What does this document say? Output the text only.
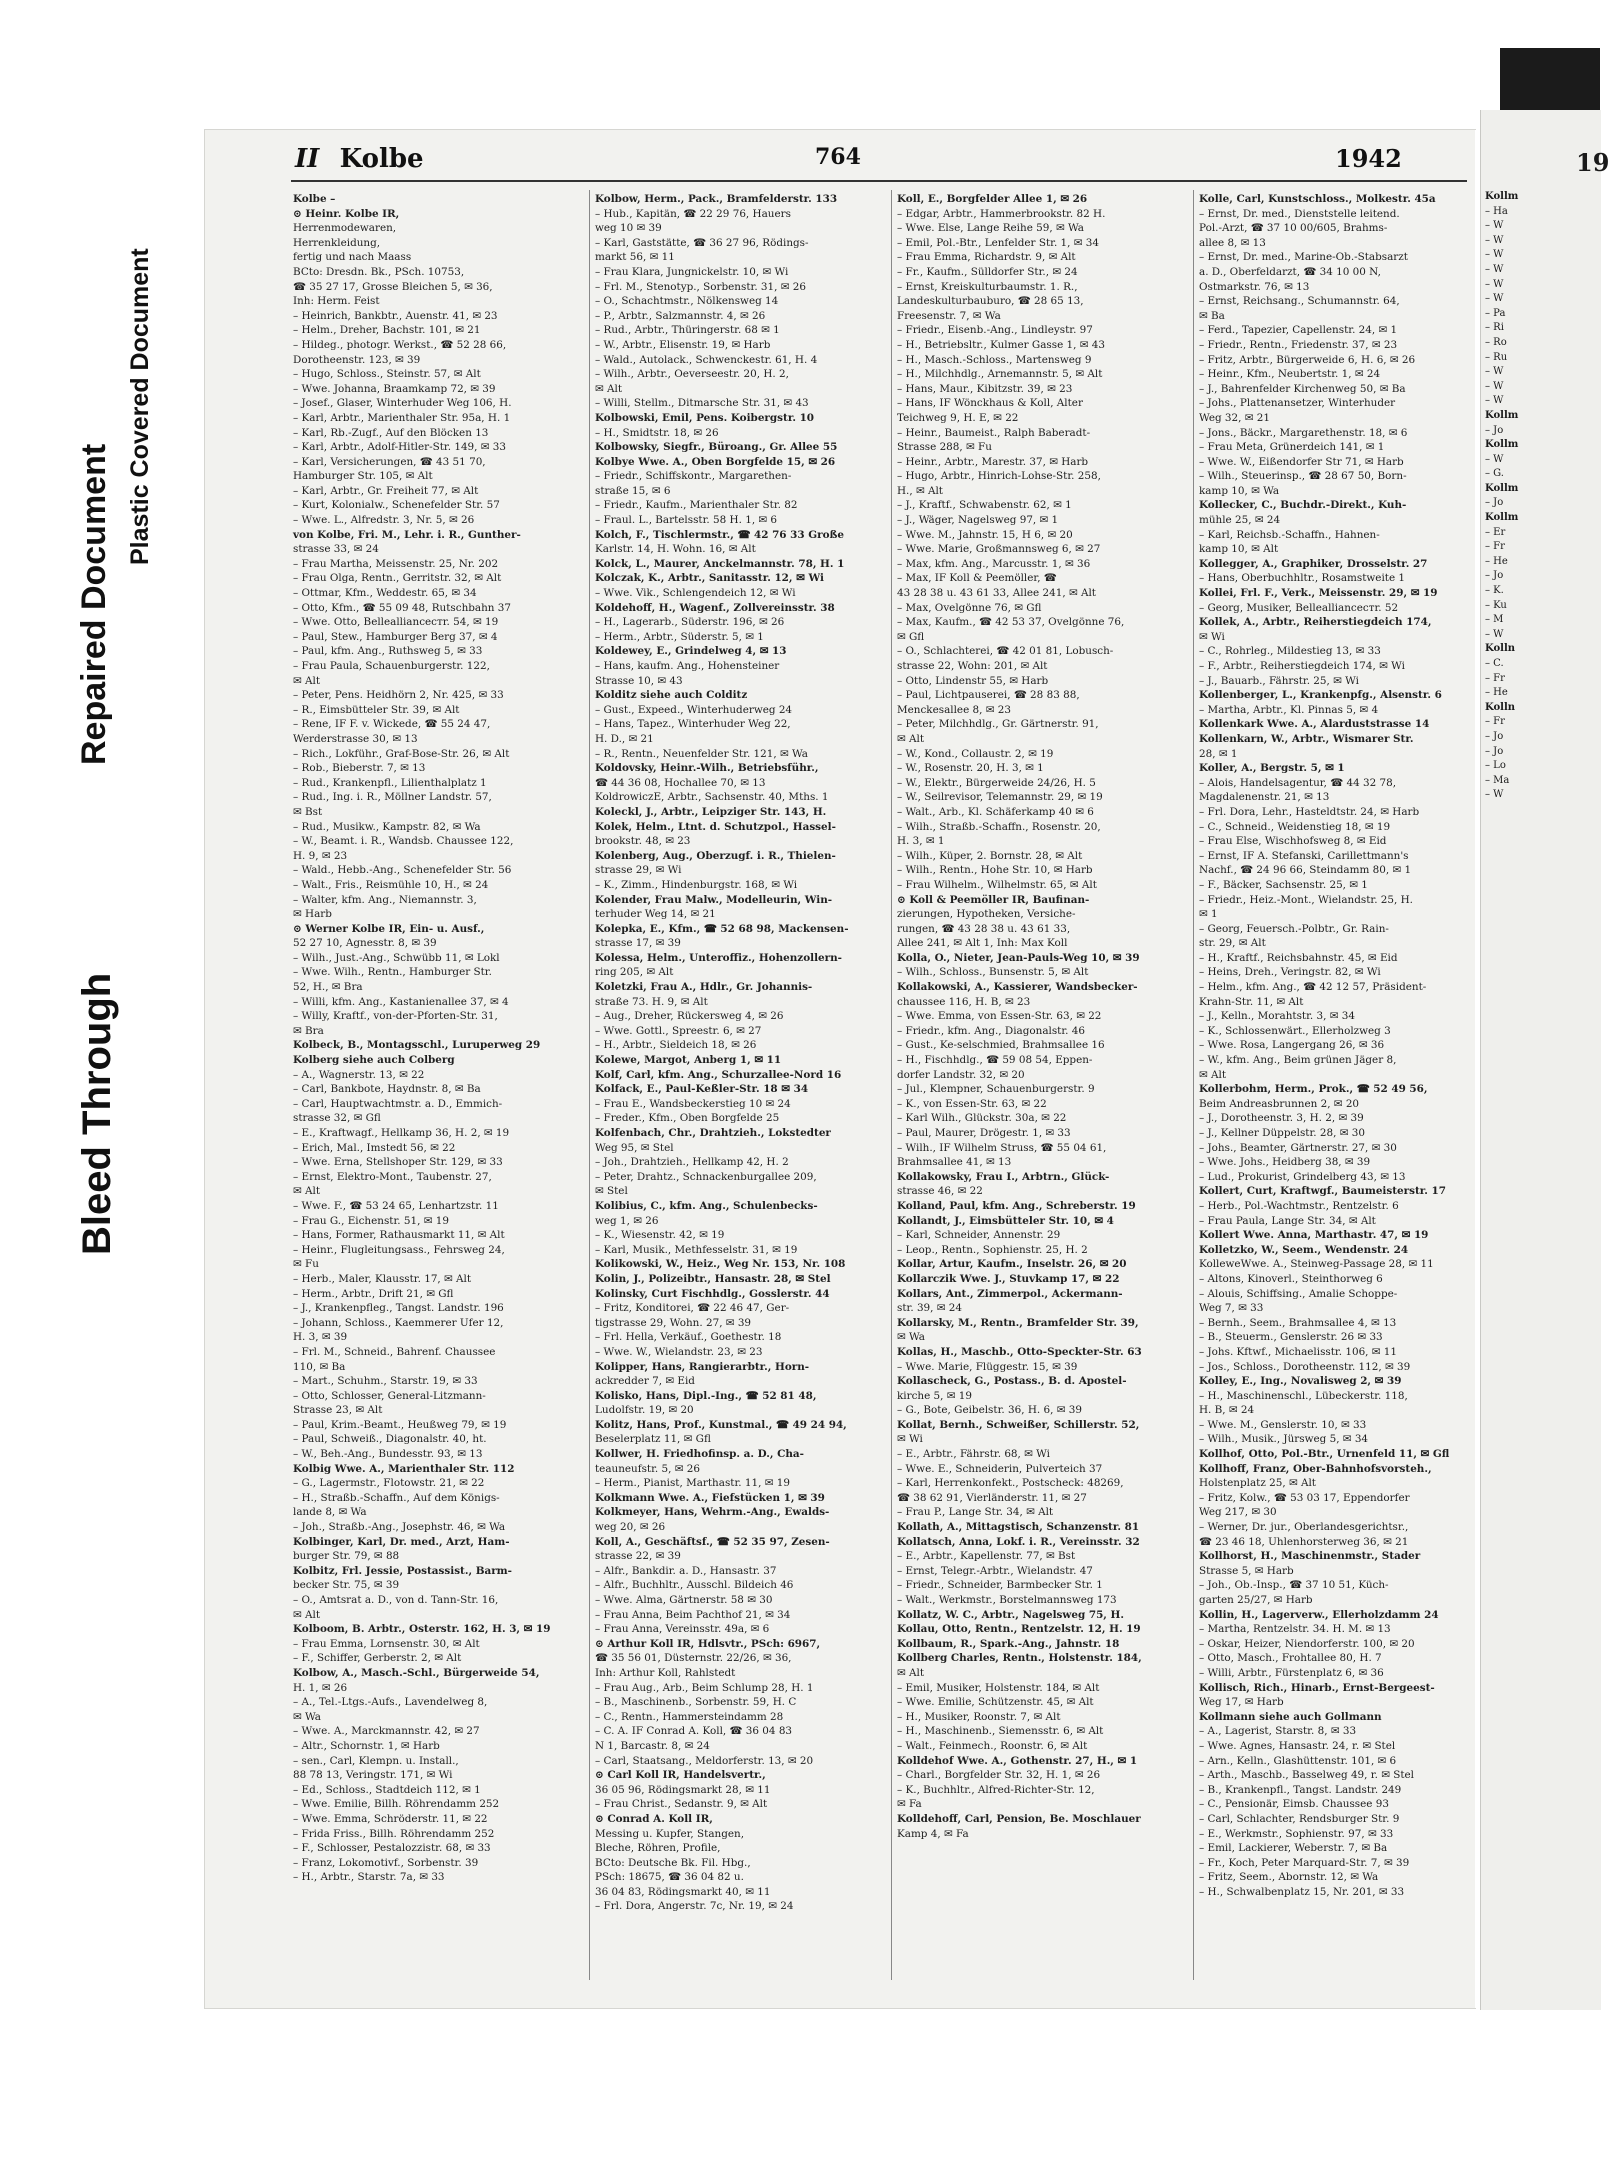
Plastic Covered Document
Repaired Document
Bleed Through
II Kolbe	764	1942
Kolbe –
⊙ Heinr. Kolbe IR,
Herrenmodewaren,
Herrenkleidung,
fertig und nach Maass
BCto: Dresdn. Bk., PSch. 10753,
☎ 35 27 17, Grosse Bleichen 5, ✉ 36,
Inh: Herm. Feist
– Heinrich, Bankbtr., Auenstr. 41, ✉ 23
– Helm., Dreher, Bachstr. 101, ✉ 21
– Hildeg., photogr. Werkst., ☎ 52 28 66,
Dorotheenstr. 123, ✉ 39
– Hugo, Schloss., Steinstr. 57, ✉ Alt
– Wwe. Johanna, Braamkamp 72, ✉ 39
– Josef., Glaser, Winterhuder Weg 106, H.
– Karl, Arbtr., Marienthaler Str. 95a, H. 1
– Karl, Rb.-Zugf., Auf den Blöcken 13
– Karl, Arbtr., Adolf-Hitler-Str. 149, ✉ 33
– Karl, Versicherungen, ☎ 43 51 70,
Hamburger Str. 105, ✉ Alt
– Karl, Arbtr., Gr. Freiheit 77, ✉ Alt
– Kurt, Kolonialw., Schenefelder Str. 57
– Wwe. L., Alfredstr. 3, Nr. 5, ✉ 26
von Kolbe, Fri. M., Lehr. i. R., Gunther-
strasse 33, ✉ 24
– Frau Martha, Meissenstr. 25, Nr. 202
– Frau Olga, Rentn., Gerritstr. 32, ✉ Alt
– Ottmar, Kfm., Weddestr. 65, ✉ 34
– Otto, Kfm., ☎ 55 09 48, Rutschbahn 37
– Wwe. Otto, Belleallianceстr. 54, ✉ 19
– Paul, Stew., Hamburger Berg 37, ✉ 4
– Paul, kfm. Ang., Ruthsweg 5, ✉ 33
– Frau Paula, Schauenburgerstr. 122,
✉ Alt
– Peter, Pens. Heidhörn 2, Nr. 425, ✉ 33
– R., Eimsbütteler Str. 39, ✉ Alt
– Rene, IF F. v. Wickede, ☎ 55 24 47,
Werderstrasse 30, ✉ 13
– Rich., Lokführ., Graf-Bose-Str. 26, ✉ Alt
– Rob., Bieberstr. 7, ✉ 13
– Rud., Krankenpfl., Lilienthalplatz 1
– Rud., Ing. i. R., Möllner Landstr. 57,
✉ Bst
– Rud., Musikw., Kampstr. 82, ✉ Wa
– W., Beamt. i. R., Wandsb. Chaussee 122,
H. 9, ✉ 23
– Wald., Hebb.-Ang., Schenefelder Str. 56
– Walt., Fris., Reismühle 10, H., ✉ 24
– Walter, kfm. Ang., Niemannstr. 3,
✉ Harb
⊙ Werner Kolbe IR, Ein- u. Ausf.,
52 27 10, Agnesstr. 8, ✉ 39
– Wilh., Just.-Ang., Schwübb 11, ✉ Lokl
– Wwe. Wilh., Rentn., Hamburger Str.
52, H., ✉ Bra
– Willi, kfm. Ang., Kastanienallee 37, ✉ 4
– Willy, Kraftf., von-der-Pforten-Str. 31,
✉ Bra
Kolbeck, B., Montagsschl., Luruperweg 29
Kolberg siehe auch Colberg
– A., Wagnerstr. 13, ✉ 22
– Carl, Bankbote, Haydnstr. 8, ✉ Ba
– Carl, Hauptwachtmstr. a. D., Emmich-
strasse 32, ✉ Gfl
– E., Kraftwagf., Hellkamp 36, H. 2, ✉ 19
– Erich, Mal., Imstedt 56, ✉ 22
– Wwe. Erna, Stellshoper Str. 129, ✉ 33
– Ernst, Elektro-Mont., Taubenstr. 27,
✉ Alt
– Wwe. F., ☎ 53 24 65, Lenhartzstr. 11
– Frau G., Eichenstr. 51, ✉ 19
– Hans, Former, Rathausmarkt 11, ✉ Alt
– Heinr., Flugleitungsass., Fehrsweg 24,
✉ Fu
– Herb., Maler, Klausstr. 17, ✉ Alt
– Herm., Arbtr., Drift 21, ✉ Gfl
– J., Krankenpfleg., Tangst. Landstr. 196
– Johann, Schloss., Kaemmerer Ufer 12,
H. 3, ✉ 39
– Frl. M., Schneid., Bahrenf. Chaussee
110, ✉ Ba
– Mart., Schuhm., Starstr. 19, ✉ 33
– Otto, Schlosser, General-Litzmann-
Strasse 23, ✉ Alt
– Paul, Krim.-Beamt., Heußweg 79, ✉ 19
– Paul, Schweiß., Diagonalstr. 40, ht.
– W., Beh.-Ang., Bundesstr. 93, ✉ 13
Kolbig Wwe. A., Marienthaler Str. 112
– G., Lagermstr., Flotowstr. 21, ✉ 22
– H., Straßb.-Schaffn., Auf dem Königs-
lande 8, ✉ Wa
– Joh., Straßb.-Ang., Josephstr. 46, ✉ Wa
Kolbinger, Karl, Dr. med., Arzt, Ham-
burger Str. 79, ✉ 88
Kolbitz, Frl. Jessie, Postassist., Barm-
becker Str. 75, ✉ 39
– O., Amtsrat a. D., von d. Tann-Str. 16,
✉ Alt
Kolboom, B. Arbtr., Osterstr. 162, H. 3, ✉ 19
– Frau Emma, Lornsenstr. 30, ✉ Alt
– F., Schiffer, Gerberstr. 2, ✉ Alt
Kolbow, A., Masch.-Schl., Bürgerweide 54,
H. 1, ✉ 26
– A., Tel.-Ltgs.-Aufs., Lavendelweg 8,
✉ Wa
– Wwe. A., Marckmannstr. 42, ✉ 27
– Altr., Schornstr. 1, ✉ Harb
– sen., Carl, Klempn. u. Install.,
88 78 13, Veringstr. 171, ✉ Wi
– Ed., Schloss., Stadtdeich 112, ✉ 1
– Wwe. Emilie, Billh. Röhrendamm 252
– Wwe. Emma, Schröderstr. 11, ✉ 22
– Frida Friss., Billh. Röhrendamm 252
– F., Schlosser, Pestalozzistr. 68, ✉ 33
– Franz, Lokomotivf., Sorbenstr. 39
– H., Arbtr., Starstr. 7a, ✉ 33
Kolbow, Herm., Pack., Bramfelderstr. 133
– Hub., Kapitän, ☎ 22 29 76, Hauers
weg 10 ✉ 39
– Karl, Gaststätte, ☎ 36 27 96, Rödings-
markt 56, ✉ 11
– Frau Klara, Jungnickelstr. 10, ✉ Wi
– Frl. M., Stenotyp., Sorbenstr. 31, ✉ 26
– O., Schachtmstr., Nölkensweg 14
– P., Arbtr., Salzmannstr. 4, ✉ 26
– Rud., Arbtr., Thüringerstr. 68 ✉ 1
– W., Arbtr., Elisenstr. 19, ✉ Harb
– Wald., Autolack., Schwenckestr. 61, H. 4
– Wilh., Arbtr., Oeverseestr. 20, H. 2,
✉ Alt
– Willi, Stellm., Ditmarsche Str. 31, ✉ 43
Kolbowski, Emil, Pens. Koibergstr. 10
– H., Smidtstr. 18, ✉ 26
Kolbowsky, Siegfr., Büroang., Gr. Allee 55
Kolbye Wwe. A., Oben Borgfelde 15, ✉ 26
– Friedr., Schiffskontr., Margarethen-
straße 15, ✉ 6
– Friedr., Kaufm., Marienthaler Str. 82
– Fraul. L., Bartelsstr. 58 H. 1, ✉ 6
Kolch, F., Tischlermstr., ☎ 42 76 33 Große
Karlstr. 14, H. Wohn. 16, ✉ Alt
Kolck, L., Maurer, Anckelmannstr. 78, H. 1
Kolczak, K., Arbtr., Sanitasstr. 12, ✉ Wi
– Wwe. Vik., Schlengendeich 12, ✉ Wi
Koldehoff, H., Wagenf., Zollvereinsstr. 38
– H., Lagerarb., Süderstr. 196, ✉ 26
– Herm., Arbtr., Süderstr. 5, ✉ 1
Koldewey, E., Grindelweg 4, ✉ 13
– Hans, kaufm. Ang., Hohensteiner
Strasse 10, ✉ 43
Kolditz siehe auch Colditz
– Gust., Expeed., Winterhuderweg 24
– Hans, Tapez., Winterhuder Weg 22,
H. D., ✉ 21
– R., Rentn., Neuenfelder Str. 121, ✉ Wa
Koldovsky, Heinr.-Wilh., Betriebsführ.,
☎ 44 36 08, Hochallee 70, ✉ 13
KoldrowiczE, Arbtr., Sachsenstr. 40, Mths. 1
Koleckl, J., Arbtr., Leipziger Str. 143, H.
Kolek, Helm., Ltnt. d. Schutzpol., Hassel-
brookstr. 48, ✉ 23
Kolenberg, Aug., Oberzugf. i. R., Thielen-
strasse 29, ✉ Wi
– K., Zimm., Hindenburgstr. 168, ✉ Wi
Kolender, Frau Malw., Modelleurin, Win-
terhuder Weg 14, ✉ 21
Kolepka, E., Kfm., ☎ 52 68 98, Mackensen-
strasse 17, ✉ 39
Kolessa, Helm., Unteroffiz., Hohenzollern-
ring 205, ✉ Alt
Koletzki, Frau A., Hdlr., Gr. Johannis-
straße 73. H. 9, ✉ Alt
– Aug., Dreher, Rückersweg 4, ✉ 26
– Wwe. Gottl., Spreestr. 6, ✉ 27
– H., Arbtr., Sieldeich 18, ✉ 26
Kolewe, Margot, Anberg 1, ✉ 11
Kolf, Carl, kfm. Ang., Schurzallee-Nord 16
Kolfack, E., Paul-Keßler-Str. 18 ✉ 34
– Frau E., Wandsbeckerstieg 10 ✉ 24
– Freder., Kfm., Oben Borgfelde 25
Kolfenbach, Chr., Drahtzieh., Lokstedter
Weg 95, ✉ Stel
– Joh., Drahtzieh., Hellkamp 42, H. 2
– Peter, Drahtz., Schnackenburgallee 209,
✉ Stel
Kolibius, C., kfm. Ang., Schulenbecks-
weg 1, ✉ 26
– K., Wiesenstr. 42, ✉ 19
– Karl, Musik., Methfesselstr. 31, ✉ 19
Kolikowski, W., Heiz., Weg Nr. 153, Nr. 108
Kolin, J., Polizeibtr., Hansastr. 28, ✉ Stel
Kolinsky, Curt Fischhdlg., Gosslerstr. 44
– Fritz, Konditorei, ☎ 22 46 47, Ger-
tigstrasse 29, Wohn. 27, ✉ 39
– Frl. Hella, Verkäuf., Goethestr. 18
– Wwe. W., Wielandstr. 23, ✉ 23
Kolipper, Hans, Rangierarbtr., Horn-
ackredder 7, ✉ Eid
Kolisko, Hans, Dipl.-Ing., ☎ 52 81 48,
Ludolfstr. 19, ✉ 20
Kolitz, Hans, Prof., Kunstmal., ☎ 49 24 94,
Beselerplatz 11, ✉ Gfl
Kollwer, H. Friedhofinsp. a. D., Cha-
teauneufstr. 5, ✉ 26
– Herm., Pianist, Marthastr. 11, ✉ 19
Kolkmann Wwe. A., Fiefstücken 1, ✉ 39
Kolkmeyer, Hans, Wehrm.-Ang., Ewalds-
weg 20, ✉ 26
Koll, A., Geschäftsf., ☎ 52 35 97, Zesen-
strasse 22, ✉ 39
– Alfr., Bankdir. a. D., Hansastr. 37
– Alfr., Buchhltr., Ausschl. Bildeich 46
– Wwe. Alma, Gärtnerstr. 58 ✉ 30
– Frau Anna, Beim Pachthof 21, ✉ 34
– Frau Anna, Vereinsstr. 49a, ✉ 6
⊙ Arthur Koll IR, Hdlsvtr., PSch: 6967,
☎ 35 56 01, Düsternstr. 22/26, ✉ 36,
Inh: Arthur Koll, Rahlstedt
– Frau Aug., Arb., Beim Schlump 28, H. 1
– B., Maschinenb., Sorbenstr. 59, H. C
– C., Rentn., Hammersteindamm 28
– C. A. IF Conrad A. Koll, ☎ 36 04 83
N 1, Barcastr. 8, ✉ 24
– Carl, Staatsang., Meldorferstr. 13, ✉ 20
⊙ Carl Koll IR, Handelsvertr.,
36 05 96, Rödingsmarkt 28, ✉ 11
– Frau Christ., Sedanstr. 9, ✉ Alt
⊙ Conrad A. Koll IR,
Messing u. Kupfer, Stangen,
Bleche, Röhren, Profile,
BCto: Deutsche Bk. Fil. Hbg.,
PSch: 18675, ☎ 36 04 82 u.
36 04 83, Rödingsmarkt 40, ✉ 11
– Frl. Dora, Angerstr. 7c, Nr. 19, ✉ 24
Koll, E., Borgfelder Allee 1, ✉ 26
– Edgar, Arbtr., Hammerbrookstr. 82 H.
– Wwe. Else, Lange Reihe 59, ✉ Wa
– Emil, Pol.-Btr., Lenfelder Str. 1, ✉ 34
– Frau Emma, Richardstr. 9, ✉ Alt
– Fr., Kaufm., Sülldorfer Str., ✉ 24
– Ernst, Kreiskulturbaumstr. 1. R.,
Landeskulturbauburo, ☎ 28 65 13,
Freesenstr. 7, ✉ Wa
– Friedr., Eisenb.-Ang., Lindleystr. 97
– H., Betriebsltr., Kulmer Gasse 1, ✉ 43
– H., Masch.-Schloss., Martensweg 9
– H., Milchhdlg., Arnemannstr. 5, ✉ Alt
– Hans, Maur., Kibitzstr. 39, ✉ 23
– Hans, IF Wönckhaus & Koll, Alter
Teichweg 9, H. E, ✉ 22
– Heinr., Baumeist., Ralph Baberadt-
Strasse 288, ✉ Fu
– Heinr., Arbtr., Marestr. 37, ✉ Harb
– Hugo, Arbtr., Hinrich-Lohse-Str. 258,
H., ✉ Alt
– J., Kraftf., Schwabenstr. 62, ✉ 1
– J., Wäger, Nagelsweg 97, ✉ 1
– Wwe. M., Jahnstr. 15, H 6, ✉ 20
– Wwe. Marie, Großmannsweg 6, ✉ 27
– Max, kfm. Ang., Marcusstr. 1, ✉ 36
– Max, IF Koll & Peemöller, ☎
43 28 38 u. 43 61 33, Allee 241, ✉ Alt
– Max, Ovelgönne 76, ✉ Gfl
– Max, Kaufm., ☎ 42 53 37, Ovelgönne 76,
✉ Gfl
– O., Schlachterei, ☎ 42 01 81, Lobusch-
strasse 22, Wohn: 201, ✉ Alt
– Otto, Lindenstr 55, ✉ Harb
– Paul, Lichtpauserei, ☎ 28 83 88,
Menckesallee 8, ✉ 23
– Peter, Milchhdlg., Gr. Gärtnerstr. 91,
✉ Alt
– W., Kond., Collaustr. 2, ✉ 19
– W., Rosenstr. 20, H. 3, ✉ 1
– W., Elektr., Bürgerweide 24/26, H. 5
– W., Seilrevisor, Telemannstr. 29, ✉ 19
– Walt., Arb., Kl. Schäferkamp 40 ✉ 6
– Wilh., Straßb.-Schaffn., Rosenstr. 20,
H. 3, ✉ 1
– Wilh., Küper, 2. Bornstr. 28, ✉ Alt
– Wilh., Rentn., Hohe Str. 10, ✉ Harb
– Frau Wilhelm., Wilhelmstr. 65, ✉ Alt
⊙ Koll & Peemöller IR, Baufinan-
zierungen, Hypotheken, Versiche-
rungen, ☎ 43 28 38 u. 43 61 33,
Allee 241, ✉ Alt 1, Inh: Max Koll
Kolla, O., Nieter, Jean-Pauls-Weg 10, ✉ 39
– Wilh., Schloss., Bunsenstr. 5, ✉ Alt
Kollakowski, A., Kassierer, Wandsbecker-
chaussee 116, H. B, ✉ 23
– Wwe. Emma, von Essen-Str. 63, ✉ 22
– Friedr., kfm. Ang., Diagonalstr. 46
– Gust., Ke-selschmied, Brahmsallee 16
– H., Fischhdlg., ☎ 59 08 54, Eppen-
dorfer Landstr. 32, ✉ 20
– Jul., Klempner, Schauenburgerstr. 9
– K., von Essen-Str. 63, ✉ 22
– Karl Wilh., Glückstr. 30a, ✉ 22
– Paul, Maurer, Drögestr. 1, ✉ 33
– Wilh., IF Wilhelm Struss, ☎ 55 04 61,
Brahmsallee 41, ✉ 13
Kollakowsky, Frau I., Arbtrn., Glück-
strasse 46, ✉ 22
Kolland, Paul, kfm. Ang., Schreberstr. 19
Kollandt, J., Eimsbütteler Str. 10, ✉ 4
– Karl, Schneider, Annenstr. 29
– Leop., Rentn., Sophienstr. 25, H. 2
Kollar, Artur, Kaufm., Inselstr. 26, ✉ 20
Kollarczik Wwe. J., Stuvkamp 17, ✉ 22
Kollars, Ant., Zimmerpol., Ackermann-
str. 39, ✉ 24
Kollarsky, M., Rentn., Bramfelder Str. 39,
✉ Wa
Kollas, H., Maschb., Otto-Speckter-Str. 63
– Wwe. Marie, Flüggestr. 15, ✉ 39
Kollascheck, G., Postass., B. d. Apostel-
kirche 5, ✉ 19
– G., Bote, Geibelstr. 36, H. 6, ✉ 39
Kollat, Bernh., Schweißer, Schillerstr. 52,
✉ Wi
– E., Arbtr., Fährstr. 68, ✉ Wi
– Wwe. E., Schneiderin, Pulverteich 37
– Karl, Herrenkonfekt., Postscheck: 48269,
☎ 38 62 91, Vierländerstr. 11, ✉ 27
– Frau P., Lange Str. 34, ✉ Alt
Kollath, A., Mittagstisch, Schanzenstr. 81
Kollatsch, Anna, Lokf. i. R., Vereinsstr. 32
– E., Arbtr., Kapellenstr. 77, ✉ Bst
– Ernst, Telegr.-Arbtr., Wielandstr. 47
– Friedr., Schneider, Barmbecker Str. 1
– Walt., Werkmstr., Borstelmannsweg 173
Kollatz, W. C., Arbtr., Nagelsweg 75, H.
Kollau, Otto, Rentn., Rentzelstr. 12, H. 19
Kollbaum, R., Spark.-Ang., Jahnstr. 18
Kollberg Charles, Rentn., Holstenstr. 184,
✉ Alt
– Emil, Musiker, Holstenstr. 184, ✉ Alt
– Wwe. Emilie, Schützenstr. 45, ✉ Alt
– H., Musiker, Roonstr. 7, ✉ Alt
– H., Maschinenb., Siemensstr. 6, ✉ Alt
– Walt., Feinmech., Roonstr. 6, ✉ Alt
Kolldehof Wwe. A., Gothenstr. 27, H., ✉ 1
– Charl., Borgfelder Str. 32, H. 1, ✉ 26
– K., Buchhltr., Alfred-Richter-Str. 12,
✉ Fa
Kolldehoff, Carl, Pension, Be. Moschlauer
Kamp 4, ✉ Fa
Kolle, Carl, Kunstschloss., Molkestr. 45a
– Ernst, Dr. med., Dienststelle leitend.
Pol.-Arzt, ☎ 37 10 00/605, Brahms-
allee 8, ✉ 13
– Ernst, Dr. med., Marine-Ob.-Stabsarzt
a. D., Oberfeldarzt, ☎ 34 10 00 N,
Ostmarkstr. 76, ✉ 13
– Ernst, Reichsang., Schumannstr. 64,
✉ Ba
– Ferd., Tapezier, Capellenstr. 24, ✉ 1
– Friedr., Rentn., Friedenstr. 37, ✉ 23
– Fritz, Arbtr., Bürgerweide 6, H. 6, ✉ 26
– Heinr., Kfm., Neubertstr. 1, ✉ 24
– J., Bahrenfelder Kirchenweg 50, ✉ Ba
– Johs., Plattenansetzer, Winterhuder
Weg 32, ✉ 21
– Jons., Bäckr., Margarethenstr. 18, ✉ 6
– Frau Meta, Grünerdeich 141, ✉ 1
– Wwe. W., Eißendorfer Str 71, ✉ Harb
– Wilh., Steuerinsp., ☎ 28 67 50, Born-
kamp 10, ✉ Wa
Kollecker, C., Buchdr.-Direkt., Kuh-
mühle 25, ✉ 24
– Karl, Reichsb.-Schaffn., Hahnen-
kamp 10, ✉ Alt
Kollegger, A., Graphiker, Drosselstr. 27
– Hans, Oberbuchhltr., Rosamstweite 1
Kollei, Frl. F., Verk., Meissenstr. 29, ✉ 19
– Georg, Musiker, Belleallianceстr. 52
Kollek, A., Arbtr., Reiherstiegdeich 174,
✉ Wi
– C., Rohrleg., Mildestieg 13, ✉ 33
– F., Arbtr., Reiherstiegdeich 174, ✉ Wi
– J., Bauarb., Fährstr. 25, ✉ Wi
Kollenberger, L., Krankenpfg., Alsenstr. 6
– Martha, Arbtr., Kl. Pinnas 5, ✉ 4
Kollenkark Wwe. A., Alarduststrasse 14
Kollenkarn, W., Arbtr., Wismarer Str.
28, ✉ 1
Koller, A., Bergstr. 5, ✉ 1
– Alois, Handelsagentur, ☎ 44 32 78,
Magdalenenstr. 21, ✉ 13
– Frl. Dora, Lehr., Hasteldtstr. 24, ✉ Harb
– C., Schneid., Weidenstieg 18, ✉ 19
– Frau Else, Wischhofsweg 8, ✉ Eid
– Ernst, IF A. Stefanski, Carillettmann's
Nachf., ☎ 24 96 66, Steindamm 80, ✉ 1
– F., Bäcker, Sachsenstr. 25, ✉ 1
– Friedr., Heiz.-Mont., Wielandstr. 25, H.
✉ 1
– Georg, Feuersch.-Polbtr., Gr. Rain-
str. 29, ✉ Alt
– H., Kraftf., Reichsbahnstr. 45, ✉ Eid
– Heins, Dreh., Veringstr. 82, ✉ Wi
– Helm., kfm. Ang., ☎ 42 12 57, Präsident-
Krahn-Str. 11, ✉ Alt
– J., Kelln., Morahtstr. 3, ✉ 34
– K., Schlossenwärt., Ellerholzweg 3
– Wwe. Rosa, Langergang 26, ✉ 36
– W., kfm. Ang., Beim grünen Jäger 8,
✉ Alt
Kollerbohm, Herm., Prok., ☎ 52 49 56,
Beim Andreasbrunnen 2, ✉ 20
– J., Dorotheenstr. 3, H. 2, ✉ 39
– J., Kellner Düppelstr. 28, ✉ 30
– Johs., Beamter, Gärtnerstr. 27, ✉ 30
– Wwe. Johs., Heidberg 38, ✉ 39
– Lud., Prokurist, Grindelberg 43, ✉ 13
Kollert, Curt, Kraftwgf., Baumeisterstr. 17
– Herb., Pol.-Wachtmstr., Rentzelstr. 6
– Frau Paula, Lange Str. 34, ✉ Alt
Kollert Wwe. Anna, Marthastr. 47, ✉ 19
Kolletzko, W., Seem., Wendenstr. 24
KolleweWwe. A., Steinweg-Passage 28, ✉ 11
– Altons, Kinoverl., Steinthorweg 6
– Alouis, Schiffsing., Amalie Schoppe-
Weg 7, ✉ 33
– Bernh., Seem., Brahmsallee 4, ✉ 13
– B., Steuerm., Genslerstr. 26 ✉ 33
– Johs. Kftwf., Michaelisstr. 106, ✉ 11
– Jos., Schloss., Dorotheenstr. 112, ✉ 39
Kolley, E., Ing., Novalisweg 2, ✉ 39
– H., Maschinenschl., Lübeckerstr. 118,
H. B, ✉ 24
– Wwe. M., Genslerstr. 10, ✉ 33
– Wilh., Musik., Jürsweg 5, ✉ 34
Kollhof, Otto, Pol.-Btr., Urnenfeld 11, ✉ Gfl
Kollhoff, Franz, Ober-Bahnhofsvorsteh.,
Holstenplatz 25, ✉ Alt
– Fritz, Kolw., ☎ 53 03 17, Eppendorfer
Weg 217, ✉ 30
– Werner, Dr. jur., Oberlandesgerichtsr.,
☎ 23 46 18, Uhlenhorsterweg 36, ✉ 21
Kollhorst, H., Maschinenmstr., Stader
Strasse 5, ✉ Harb
– Joh., Ob.-Insp., ☎ 37 10 51, Küch-
garten 25/27, ✉ Harb
Kollin, H., Lagerverw., Ellerholzdamm 24
– Martha, Rentzelstr. 34. H. M. ✉ 13
– Oskar, Heizer, Niendorferstr. 100, ✉ 20
– Otto, Masch., Frohtallee 80, H. 7
– Willi, Arbtr., Fürstenplatz 6, ✉ 36
Kollisch, Rich., Hinarb., Ernst-Bergeest-
Weg 17, ✉ Harb
Kollmann siehe auch Gollmann
– A., Lagerist, Starstr. 8, ✉ 33
– Wwe. Agnes, Hansastr. 24, r. ✉ Stel
– Arn., Kelln., Glashüttenstr. 101, ✉ 6
– Arth., Maschb., Basselweg 49, r. ✉ Stel
– B., Krankenpfl., Tangst. Landstr. 249
– C., Pensionär, Eimsb. Chaussee 93
– Carl, Schlachter, Rendsburger Str. 9
– E., Werkmstr., Sophienstr. 97, ✉ 33
– Emil, Lackierer, Weberstr. 7, ✉ Ba
– Fr., Koch, Peter Marquard-Str. 7, ✉ 39
– Fritz, Seem., Abornstr. 12, ✉ Wa
– H., Schwalbenplatz 15, Nr. 201, ✉ 33
19
Kollm
– Ha
– W
– W
– W
– W
– W
– W
– Pa
– Ri
– Ro
– Ru
– W
– W
– W
Kollm
– Jo
Kollm
– W
– G.
Kollm
– Jo
Kollm
– Er
– Fr
– He
– Jo
– K.
– Ku
– M
– W
Kolln
– C.
– Fr
– He
Kolln
– Fr
– Jo
– Jo
– Lo
– Ma
– W
